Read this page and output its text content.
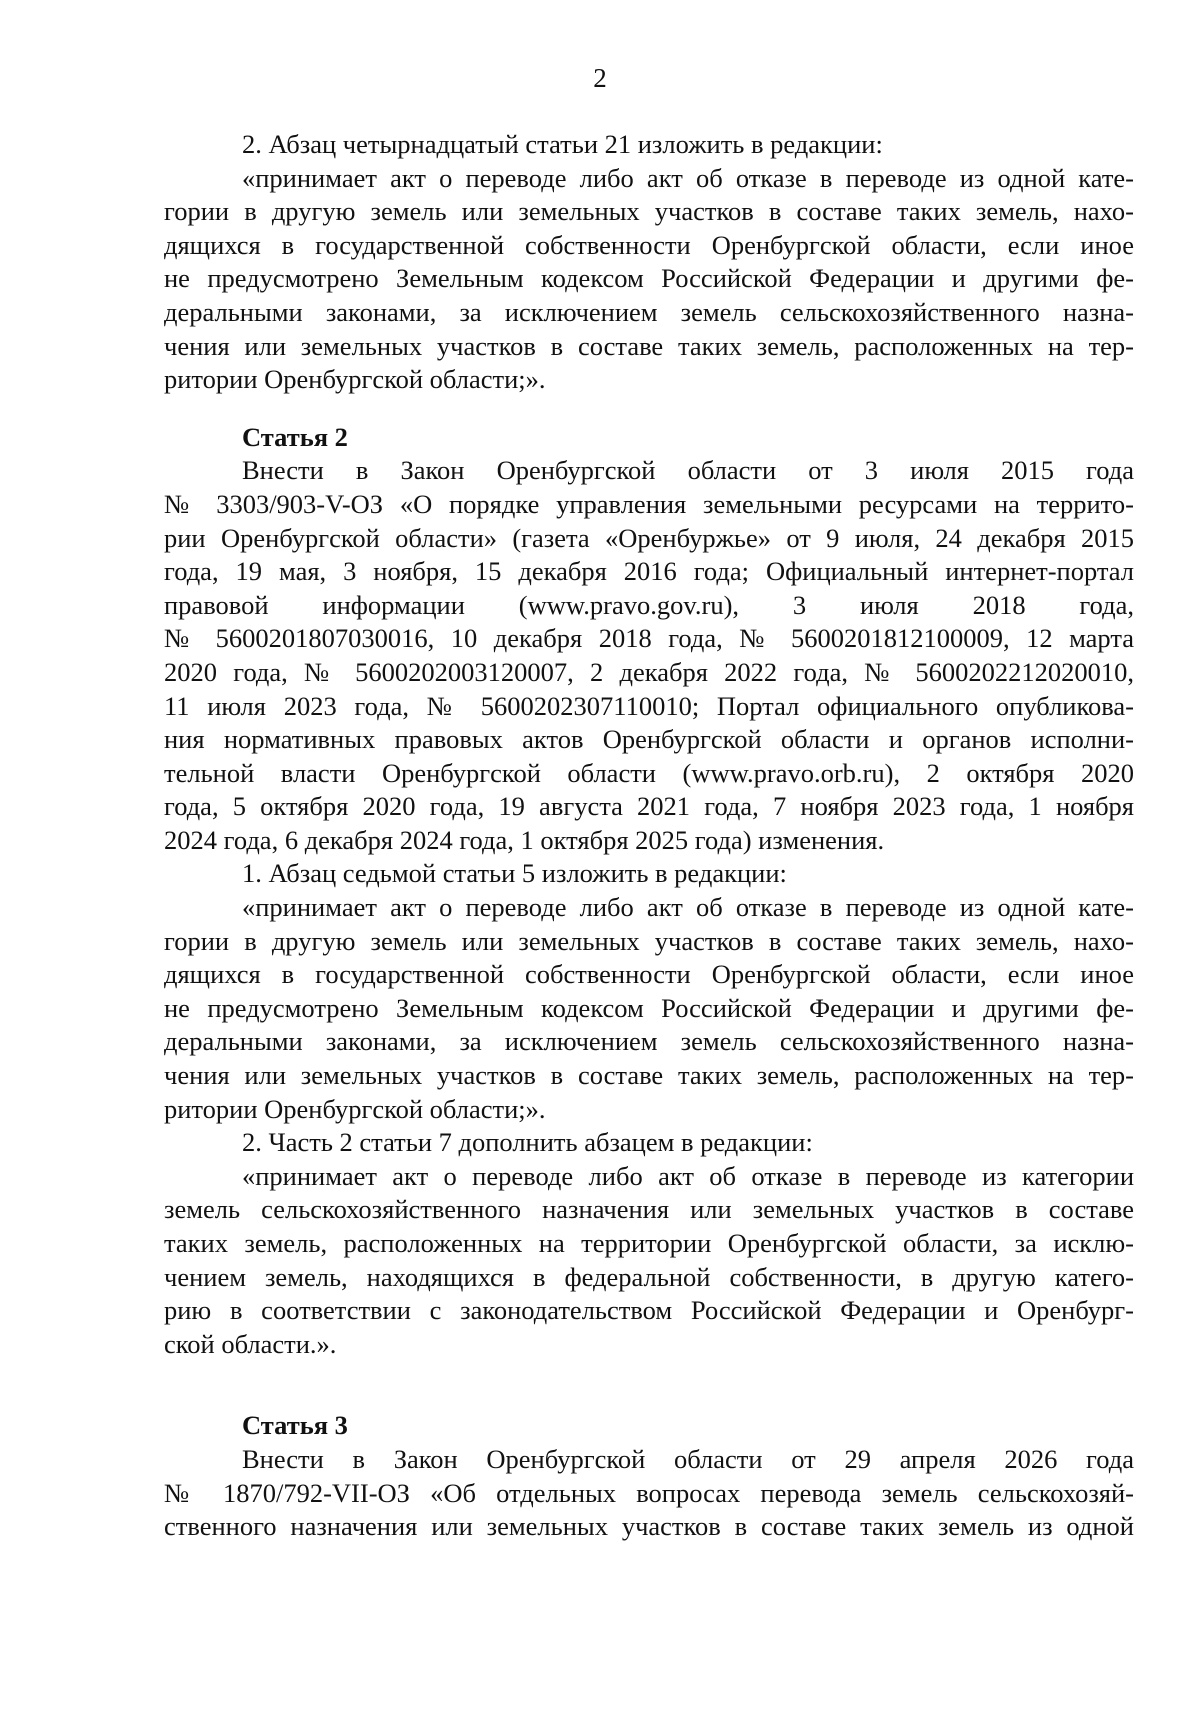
2
2. Абзац четырнадцатый статьи 21 изложить в редакции:
«принимает акт о переводе либо акт об отказе в переводе из одной кате-
гории в другую земель или земельных участков в составе таких земель, нахо-
дящихся в государственной собственности Оренбургской области, если иное
не предусмотрено Земельным кодексом Российской Федерации и другими фе-
деральными законами, за исключением земель сельскохозяйственного назна-
чения или земельных участков в составе таких земель, расположенных на тер-
ритории Оренбургской области;».
Статья 2
Внести в Закон Оренбургской области от 3 июля 2015 года
№ 3303/903-V-ОЗ «О порядке управления земельными ресурсами на террито-
рии Оренбургской области» (газета «Оренбуржье» от 9 июля, 24 декабря 2015
года, 19 мая, 3 ноября, 15 декабря 2016 года; Официальный интернет-портал
правовой информации (www.pravo.gov.ru), 3 июля 2018 года,
№ 5600201807030016, 10 декабря 2018 года, № 5600201812100009, 12 марта
2020 года, № 5600202003120007, 2 декабря 2022 года, № 5600202212020010,
11 июля 2023 года, № 5600202307110010; Портал официального опубликова-
ния нормативных правовых актов Оренбургской области и органов исполни-
тельной власти Оренбургской области (www.pravo.orb.ru), 2 октября 2020
года, 5 октября 2020 года, 19 августа 2021 года, 7 ноября 2023 года, 1 ноября
2024 года, 6 декабря 2024 года, 1 октября 2025 года) изменения.
1. Абзац седьмой статьи 5 изложить в редакции:
«принимает акт о переводе либо акт об отказе в переводе из одной кате-
гории в другую земель или земельных участков в составе таких земель, нахо-
дящихся в государственной собственности Оренбургской области, если иное
не предусмотрено Земельным кодексом Российской Федерации и другими фе-
деральными законами, за исключением земель сельскохозяйственного назна-
чения или земельных участков в составе таких земель, расположенных на тер-
ритории Оренбургской области;».
2. Часть 2 статьи 7 дополнить абзацем в редакции:
«принимает акт о переводе либо акт об отказе в переводе из категории
земель сельскохозяйственного назначения или земельных участков в составе
таких земель, расположенных на территории Оренбургской области, за исклю-
чением земель, находящихся в федеральной собственности, в другую катего-
рию в соответствии с законодательством Российской Федерации и Оренбург-
ской области.».
Статья 3
Внести в Закон Оренбургской области от 29 апреля 2026 года
№ 1870/792-VII-ОЗ «Об отдельных вопросах перевода земель сельскохозяй-
ственного назначения или земельных участков в составе таких земель из одной
